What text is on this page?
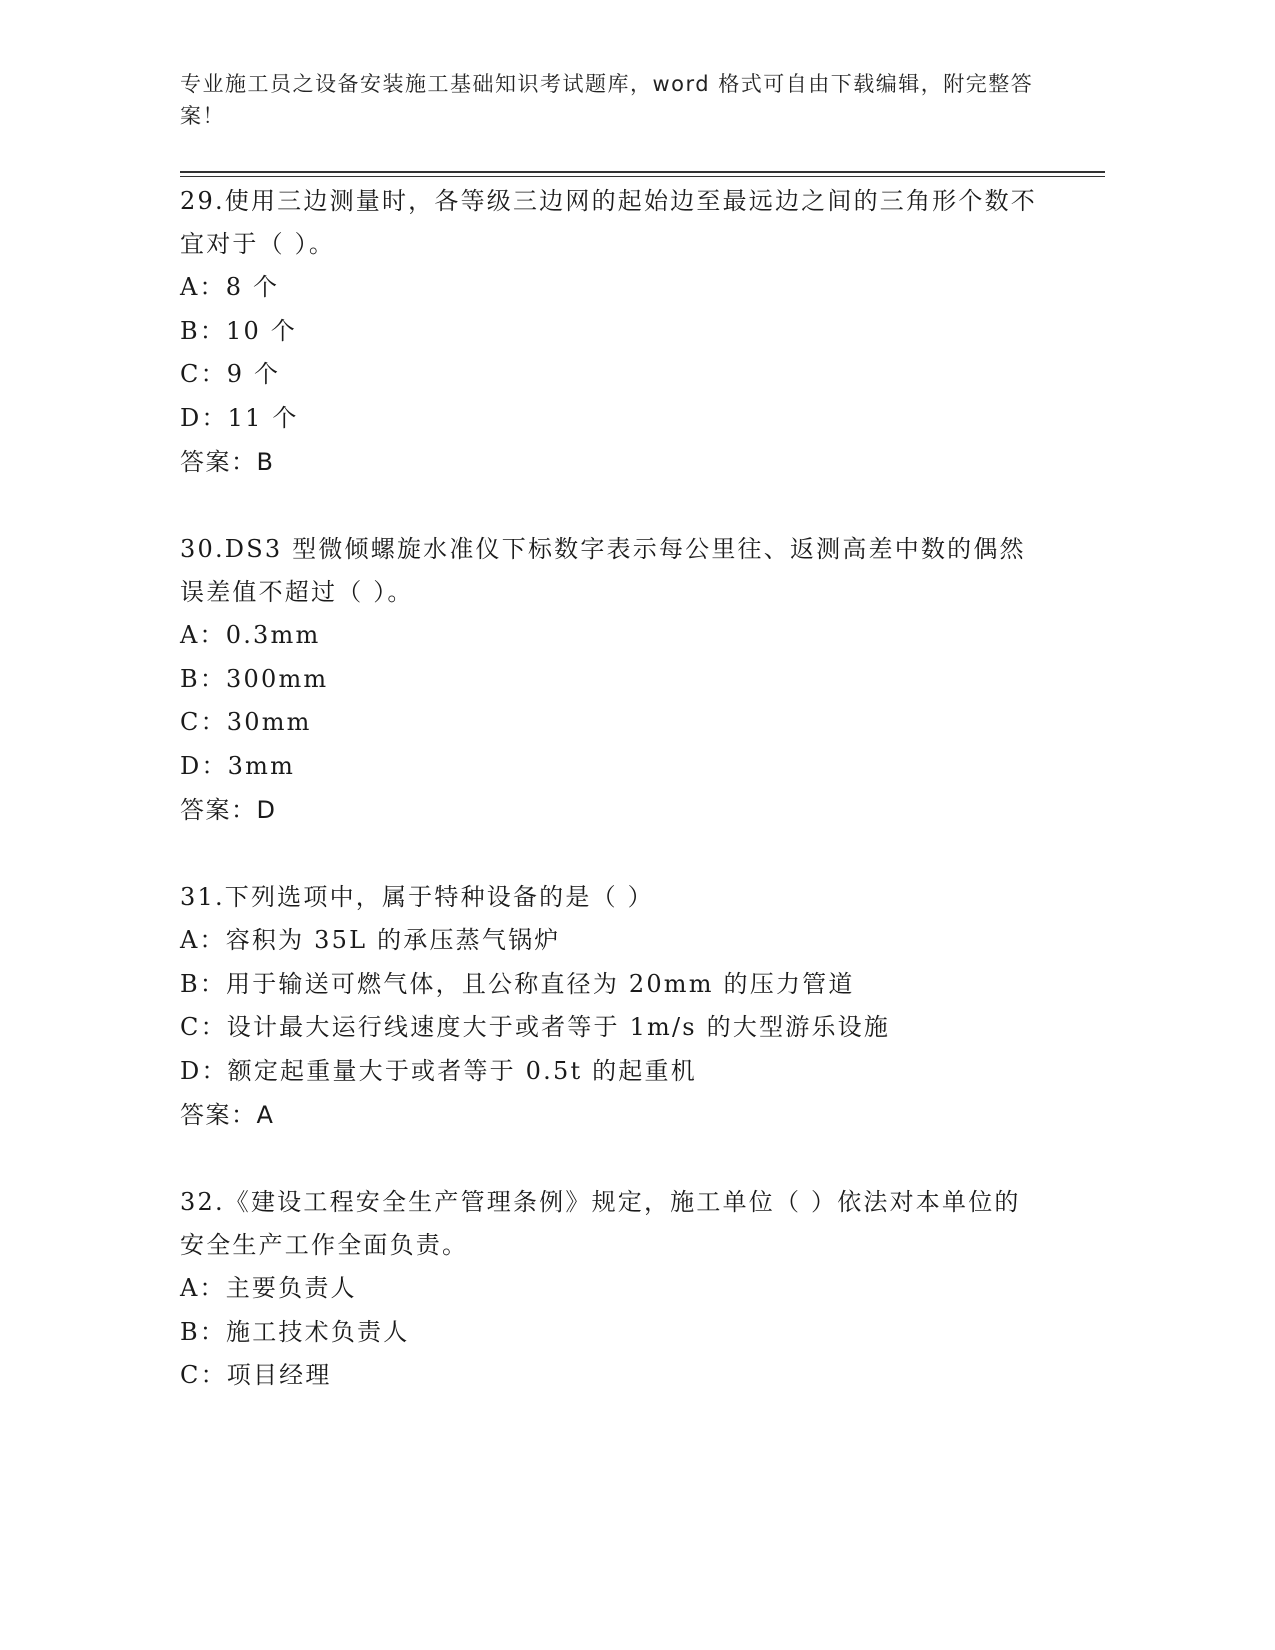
专业施工员之设备安装施工基础知识考试题库，word 格式可自由下载编辑，附完整答案！
29.使用三边测量时，各等级三边网的起始边至最远边之间的三角形个数不宜对于（ ）。
A：8 个
B：10 个
C：9 个
D：11 个
答案：B
30.DS3 型微倾螺旋水准仪下标数字表示每公里往、返测高差中数的偶然误差值不超过（ ）。
A：0.3mm
B：300mm
C：30mm
D：3mm
答案：D
31.下列选项中，属于特种设备的是（ ）
A：容积为 35L 的承压蒸气锅炉
B：用于输送可燃气体，且公称直径为 20mm 的压力管道
C：设计最大运行线速度大于或者等于 1m/s 的大型游乐设施
D：额定起重量大于或者等于 0.5t 的起重机
答案：A
32.《建设工程安全生产管理条例》规定，施工单位（ ）依法对本单位的安全生产工作全面负责。
A：主要负责人
B：施工技术负责人
C：项目经理
